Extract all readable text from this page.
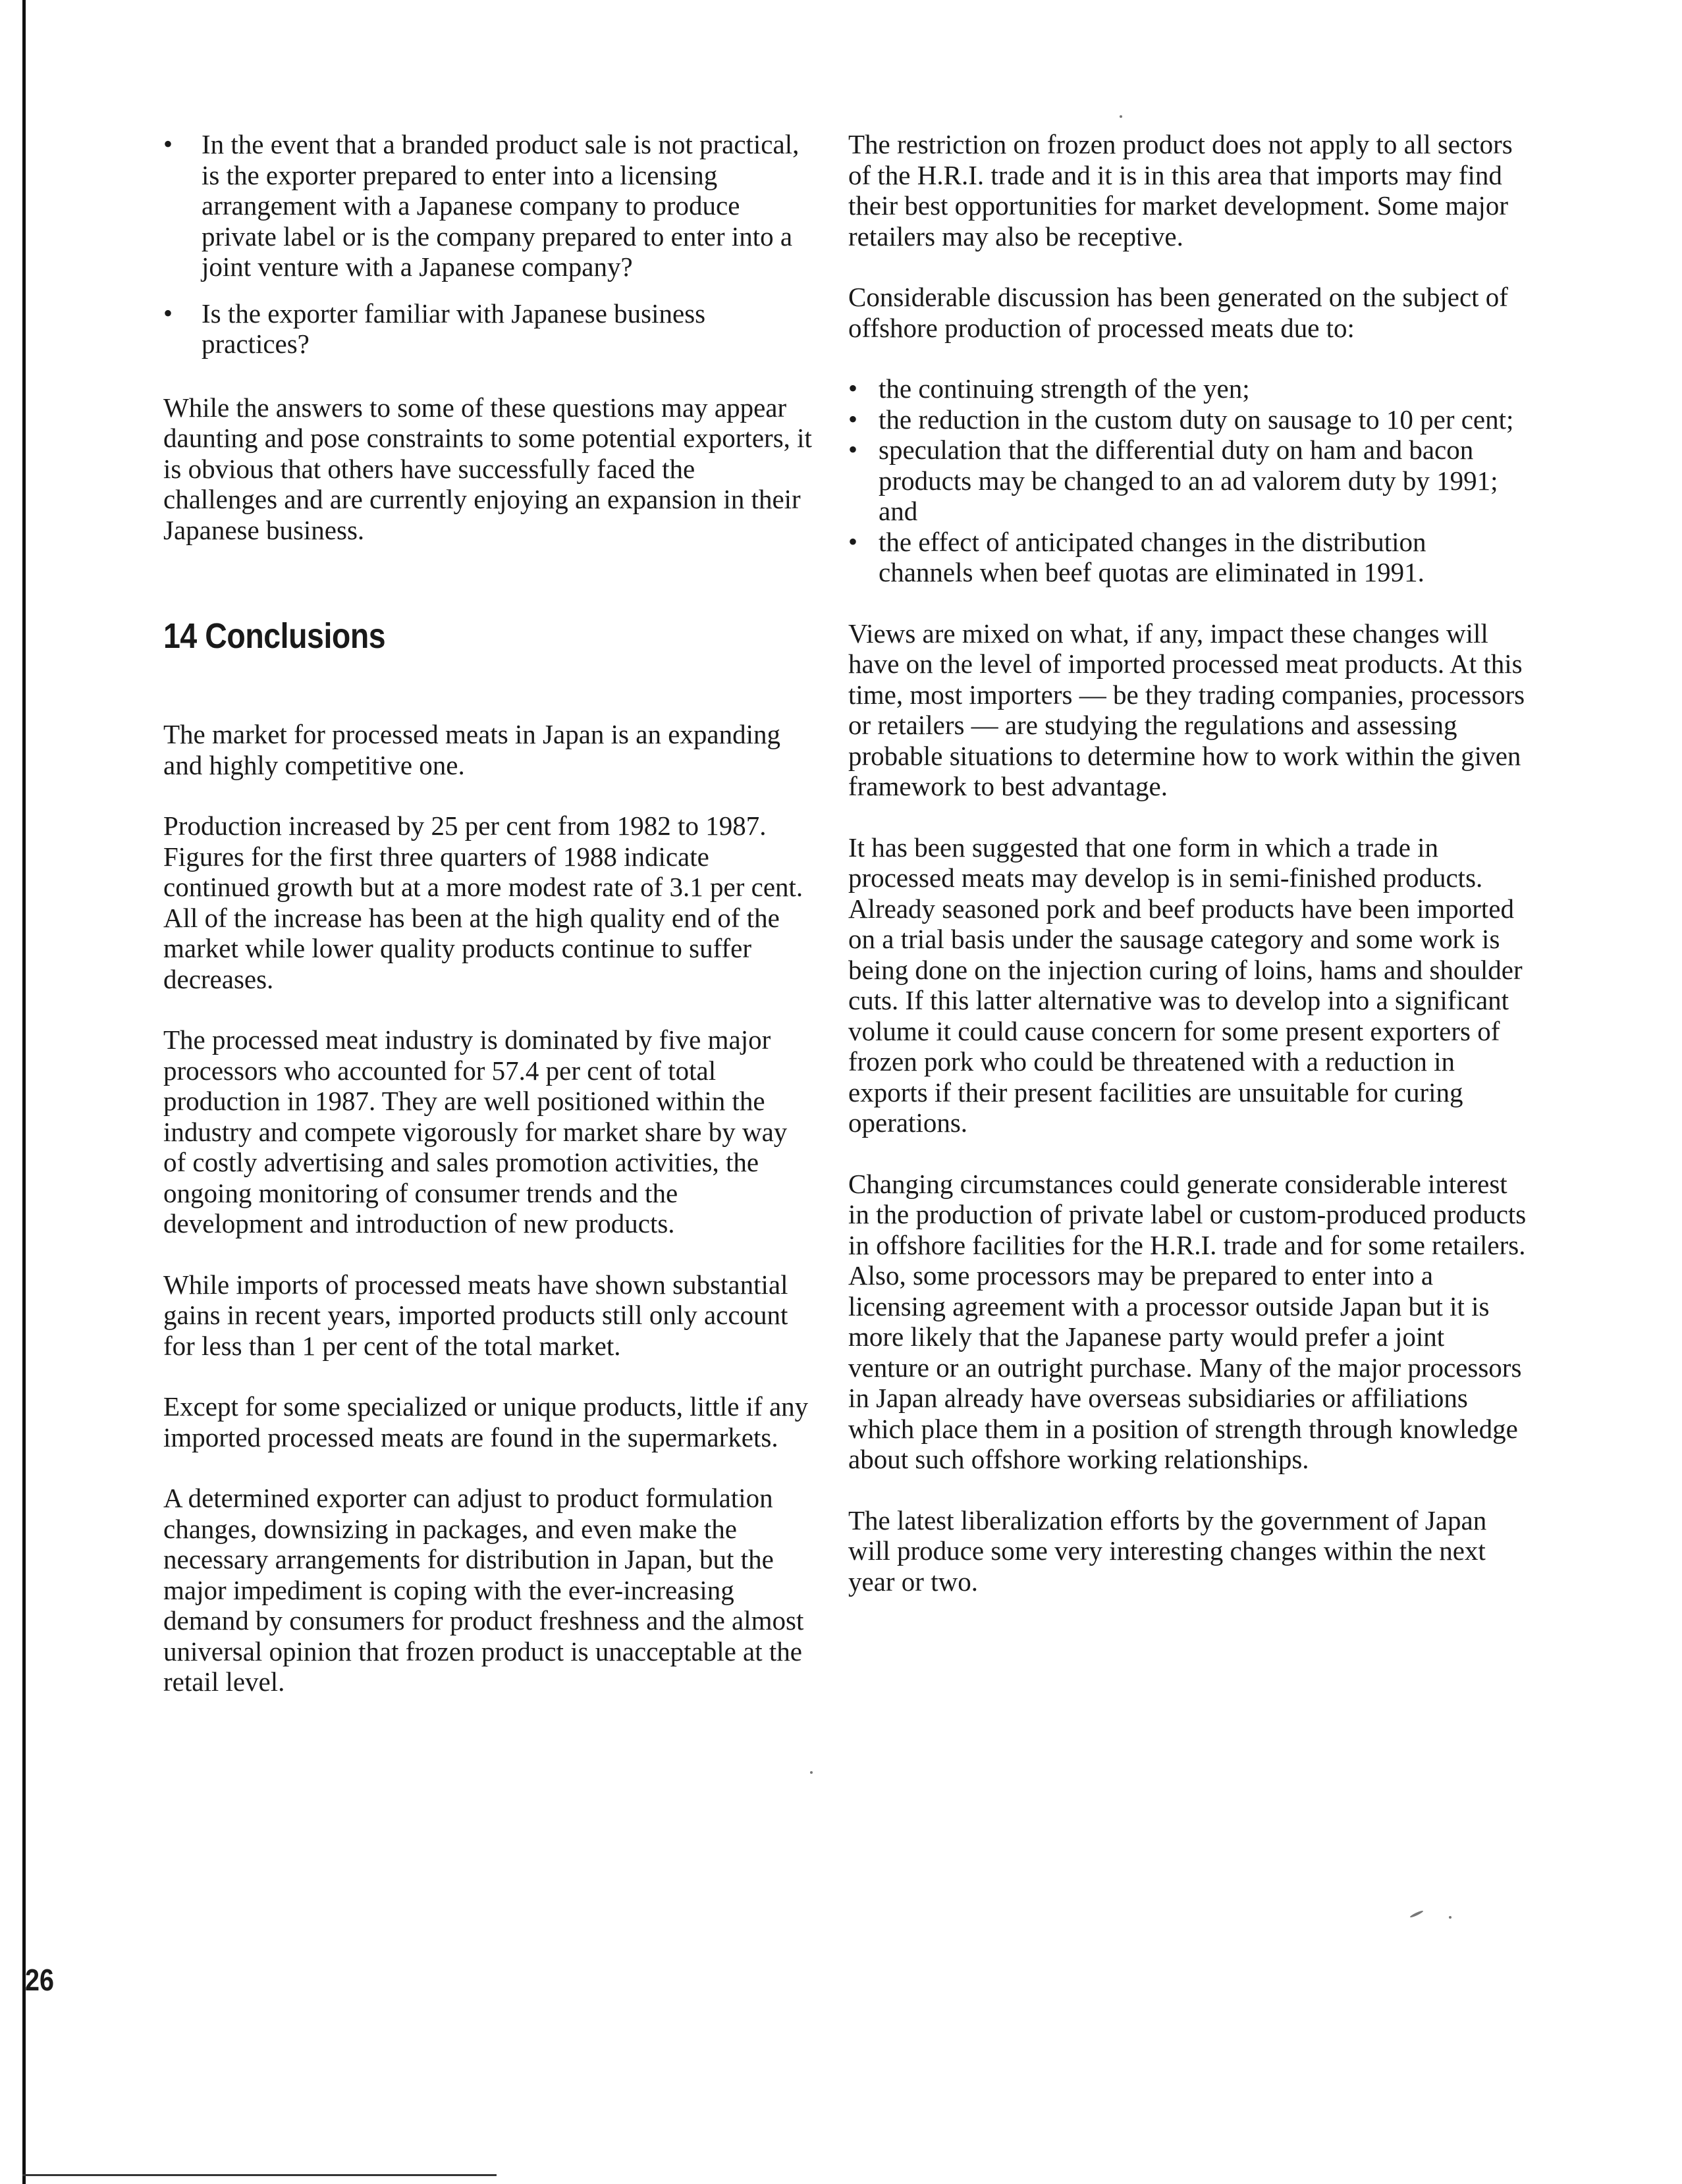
• In the event that a branded product sale is not practical, is the exporter prepared to enter into a licensing arrangement with a Japanese company to produce private label or is the company prepared to enter into a joint venture with a Japanese company?
• Is the exporter familiar with Japanese business practices?

While the answers to some of these questions may appear daunting and pose constraints to some potential exporters, it is obvious that others have successfully faced the challenges and are currently enjoying an expansion in their Japanese business.

14 Conclusions

The market for processed meats in Japan is an expanding and highly competitive one.

Production increased by 25 per cent from 1982 to 1987. Figures for the first three quarters of 1988 indicate continued growth but at a more modest rate of 3.1 per cent. All of the increase has been at the high quality end of the market while lower quality products continue to suffer decreases.

The processed meat industry is dominated by five major processors who accounted for 57.4 per cent of total production in 1987. They are well positioned within the industry and compete vigorously for market share by way of costly advertising and sales promotion activities, the ongoing monitoring of consumer trends and the development and introduction of new products.

While imports of processed meats have shown substantial gains in recent years, imported products still only account for less than 1 per cent of the total market.

Except for some specialized or unique products, little if any imported processed meats are found in the supermarkets.

A determined exporter can adjust to product formulation changes, downsizing in packages, and even make the necessary arrangements for distribution in Japan, but the major impediment is coping with the ever-increasing demand by consumers for product freshness and the almost universal opinion that frozen product is unacceptable at the retail level.

The restriction on frozen product does not apply to all sectors of the H.R.I. trade and it is in this area that imports may find their best opportunities for market development. Some major retailers may also be receptive.

Considerable discussion has been generated on the subject of offshore production of processed meats due to:

• the continuing strength of the yen;
• the reduction in the custom duty on sausage to 10 per cent;
• speculation that the differential duty on ham and bacon products may be changed to an ad valorem duty by 1991; and
• the effect of anticipated changes in the distribution channels when beef quotas are eliminated in 1991.

Views are mixed on what, if any, impact these changes will have on the level of imported processed meat products. At this time, most importers — be they trading companies, processors or retailers — are studying the regulations and assessing probable situations to determine how to work within the given framework to best advantage.

It has been suggested that one form in which a trade in processed meats may develop is in semi-finished products. Already seasoned pork and beef products have been imported on a trial basis under the sausage category and some work is being done on the injection curing of loins, hams and shoulder cuts. If this latter alternative was to develop into a significant volume it could cause concern for some present exporters of frozen pork who could be threatened with a reduction in exports if their present facilities are unsuitable for curing operations.

Changing circumstances could generate considerable interest in the production of private label or custom-produced products in offshore facilities for the H.R.I. trade and for some retailers. Also, some processors may be prepared to enter into a licensing agreement with a processor outside Japan but it is more likely that the Japanese party would prefer a joint venture or an outright purchase. Many of the major processors in Japan already have overseas subsidiaries or affiliations which place them in a position of strength through knowledge about such offshore working relationships.

The latest liberalization efforts by the government of Japan will produce some very interesting changes within the next year or two.

26
